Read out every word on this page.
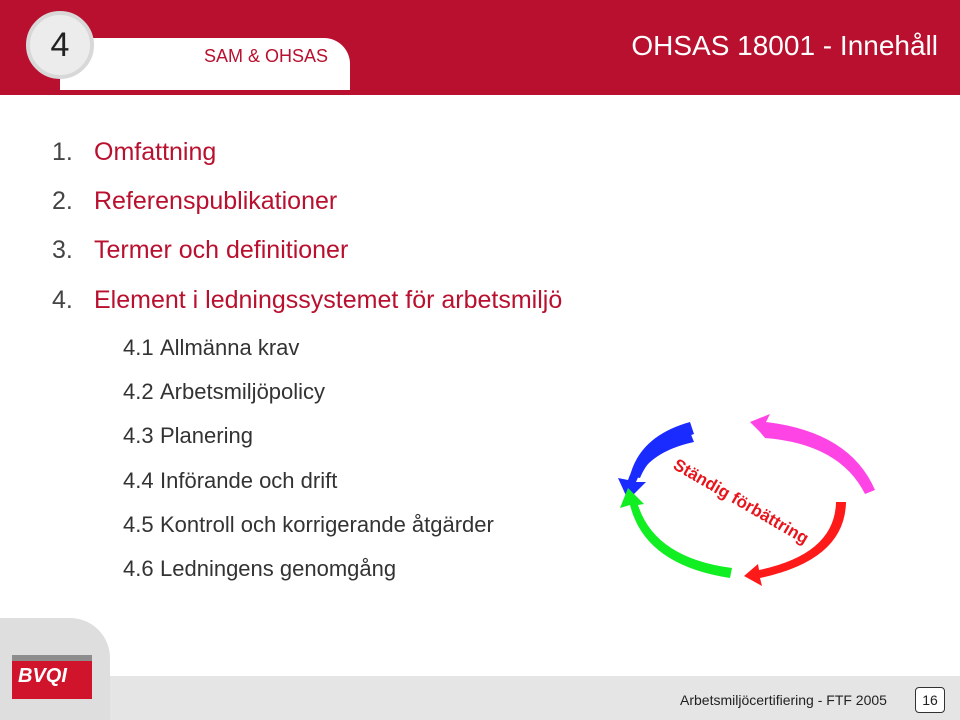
4	SAM & OHSAS	OHSAS 18001 - Innehåll
1. Omfattning
2. Referenspublikationer
3. Termer och definitioner
4. Element i ledningssystemet för arbetsmiljö
4.1 Allmänna krav
4.2 Arbetsmiljöpolicy
4.3 Planering
4.4 Införande och drift
4.5 Kontroll och korrigerande åtgärder
4.6 Ledningens genomgång
Ständig förbättring
BVQI
Arbetsmiljöcertifiering - FTF 2005	16
